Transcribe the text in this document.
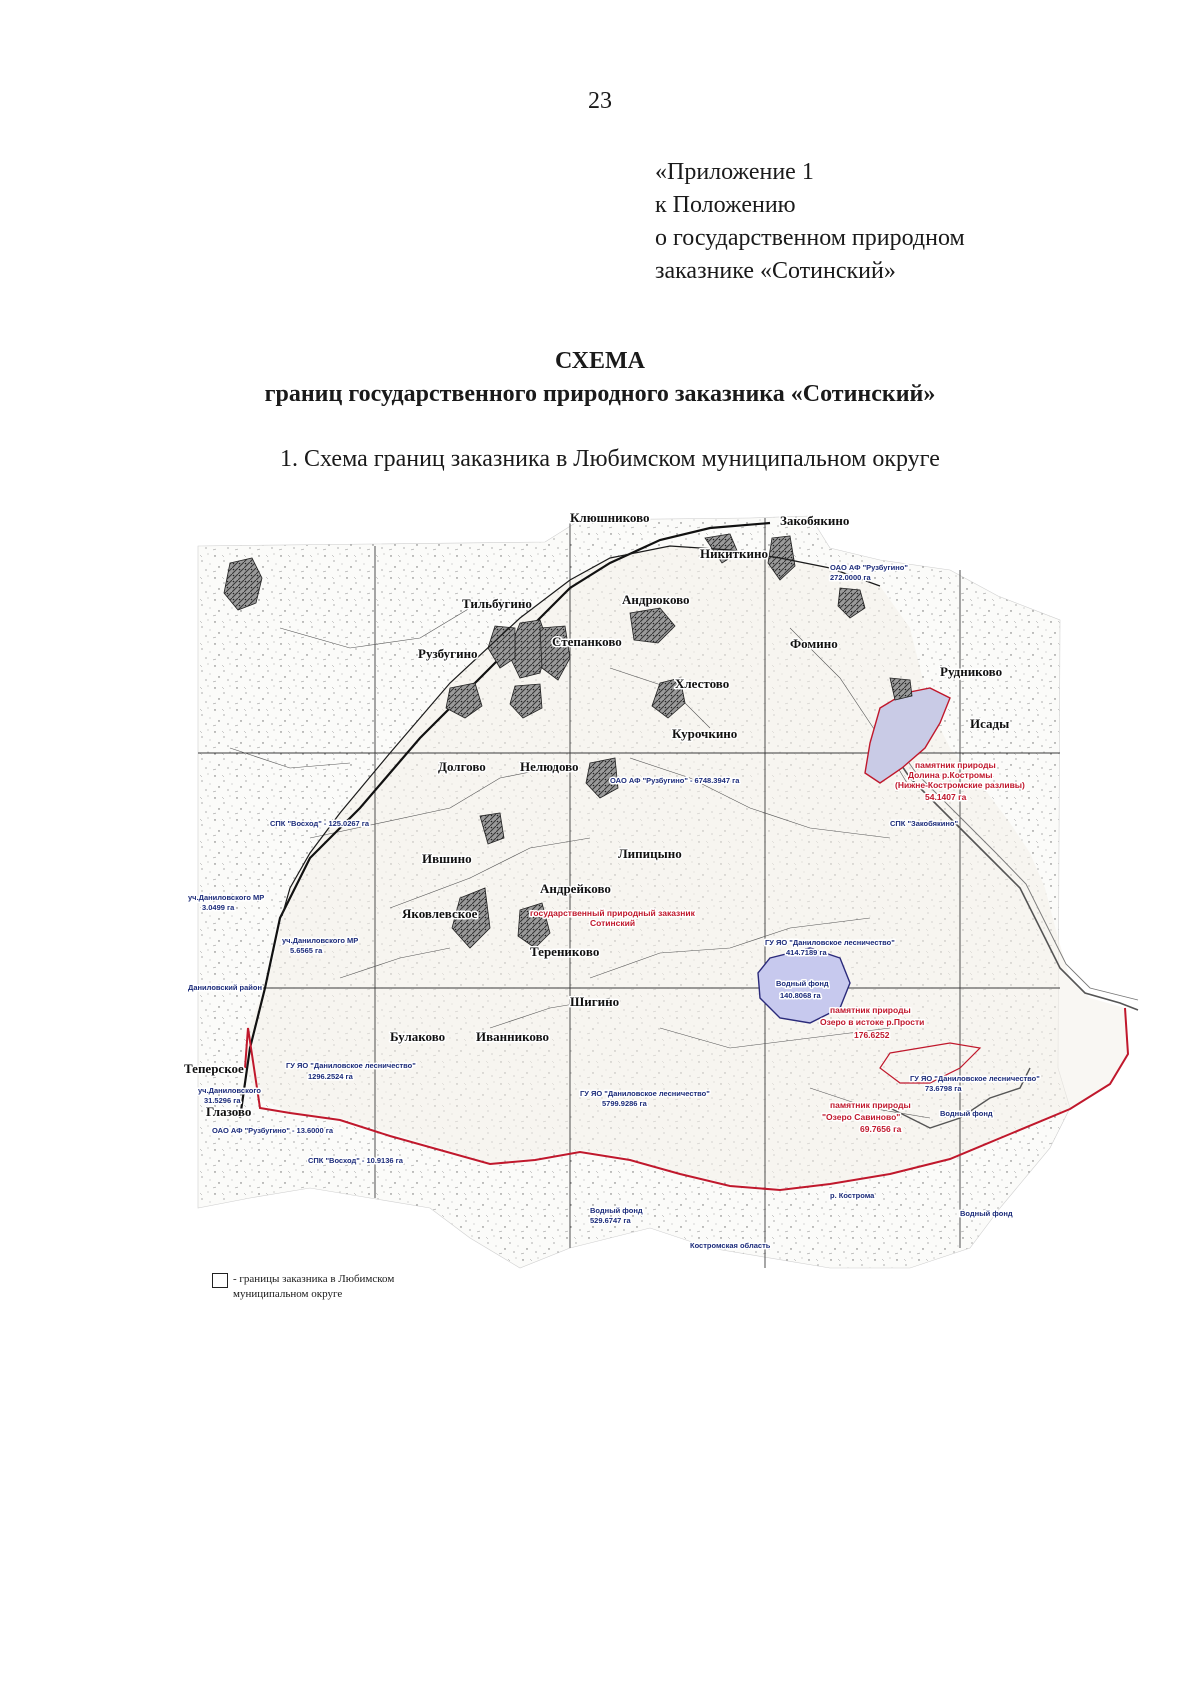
23
«Приложение 1
к Положению
о государственном природном
заказнике «Сотинский»
СХЕМА
границ государственного природного заказника «Сотинский»
1. Схема границ заказника в Любимском муниципальном округе
Клюшниково	Закобякино
Никиткино
Тильбугино	Андрюково
Степанково	Фомино
Рузбугино
Рудниково
Хлестово
Исады
Курочкино
Долгово	Нелюдово
Ившино	Липицыно
Андрейково
Яковлевское
Тереникoво
Шигино
Булаково Иванниково
Теперское
Глазово
государственный природный заказник
Сотинский
памятник природы
Долина р.Костромы
(Нижне-Костромские разливы)
54.1407 га
памятник природы
Озеро в истоке р.Прости
176.6252
памятник природы
"Озеро Савиново"
69.7656 га
Водный фонд
140.8068 га
Водный фонд
529.6747 га
Водный фонд
Водный фонд
ОАО АФ "Рузбугино"
272.0000 га
ОАО АФ "Рузбугино" - 6748.3947 га
СПК "Восход" - 125.0267 га	СПК "Закобякино"
уч.Даниловского МР
3.0499 га
уч.Даниловского МР
5.6565 га
Даниловский район
ГУ ЯО "Даниловское лесничество"
1296.2524 га
ГУ ЯО "Даниловское лесничество"
5799.9286 га
ГУ ЯО "Даниловское лесничество"
414.7189 га
ГУ ЯО "Даниловское лесничество"
73.6798 га
уч.Даниловского
31.5296 га
ОАО АФ "Рузбугино" - 13.6000 га
СПК "Восход" - 10.9136 га
Костромская область
р. Кострома
- границы заказника в Любимском муниципальном округе
